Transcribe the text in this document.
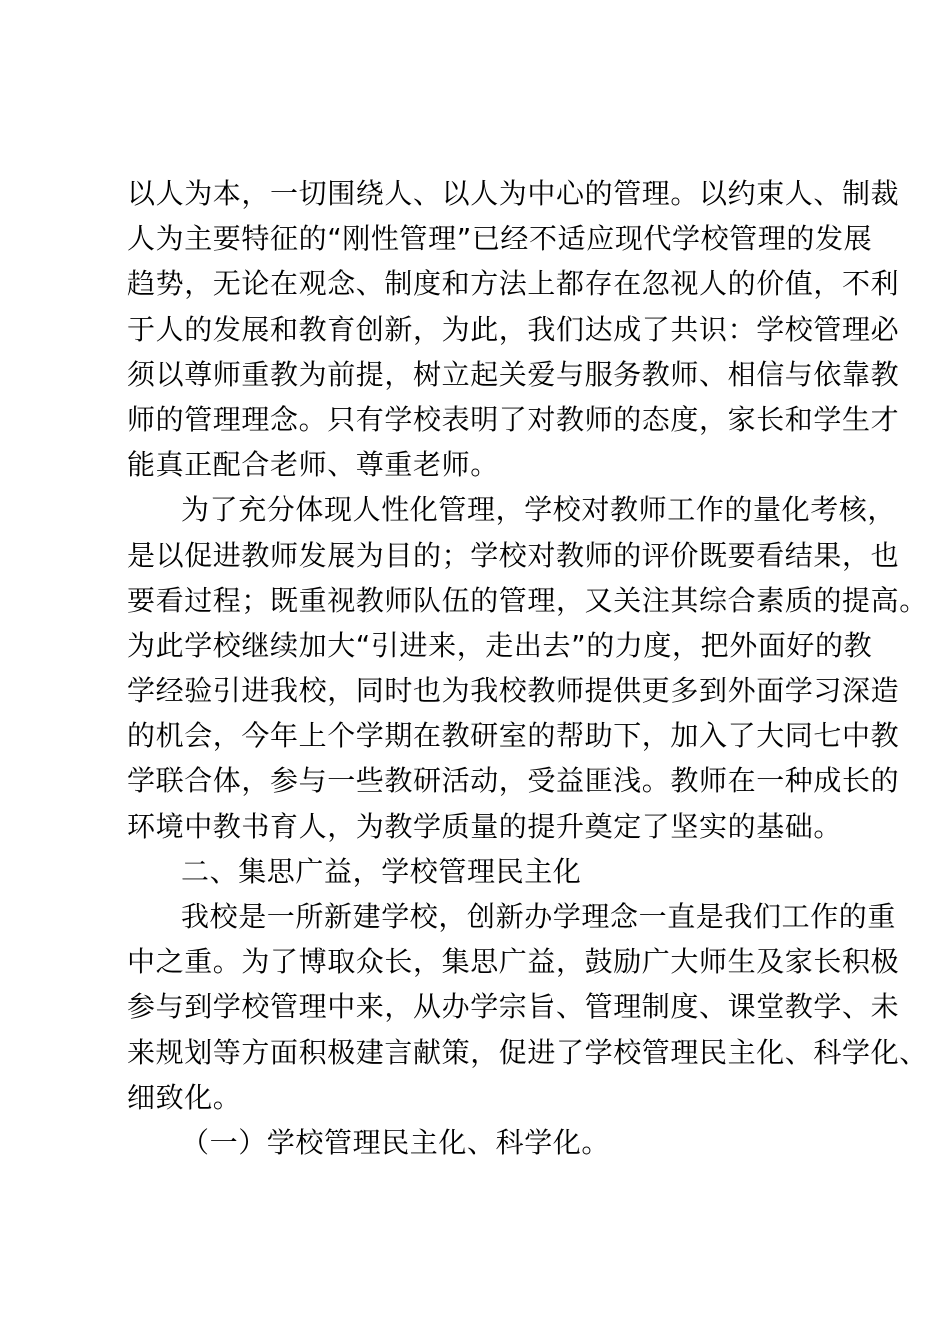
以人为本，一切围绕人、以人为中心的管理。以约束人、制裁
人为主要特征的“刚性管理”已经不适应现代学校管理的发展
趋势，无论在观念、制度和方法上都存在忽视人的价值，不利
于人的发展和教育创新，为此，我们达成了共识：学校管理必
须以尊师重教为前提，树立起关爱与服务教师、相信与依靠教
师的管理理念。只有学校表明了对教师的态度，家长和学生才
能真正配合老师、尊重老师。
为了充分体现人性化管理，学校对教师工作的量化考核，
是以促进教师发展为目的；学校对教师的评价既要看结果，也
要看过程；既重视教师队伍的管理，又关注其综合素质的提高。
为此学校继续加大“引进来，走出去”的力度，把外面好的教
学经验引进我校，同时也为我校教师提供更多到外面学习深造
的机会，今年上个学期在教研室的帮助下，加入了大同七中教
学联合体，参与一些教研活动，受益匪浅。教师在一种成长的
环境中教书育人，为教学质量的提升奠定了坚实的基础。
二、集思广益，学校管理民主化
我校是一所新建学校，创新办学理念一直是我们工作的重
中之重。为了博取众长，集思广益，鼓励广大师生及家长积极
参与到学校管理中来，从办学宗旨、管理制度、课堂教学、未
来规划等方面积极建言献策，促进了学校管理民主化、科学化、
细致化。
（一）学校管理民主化、科学化。
